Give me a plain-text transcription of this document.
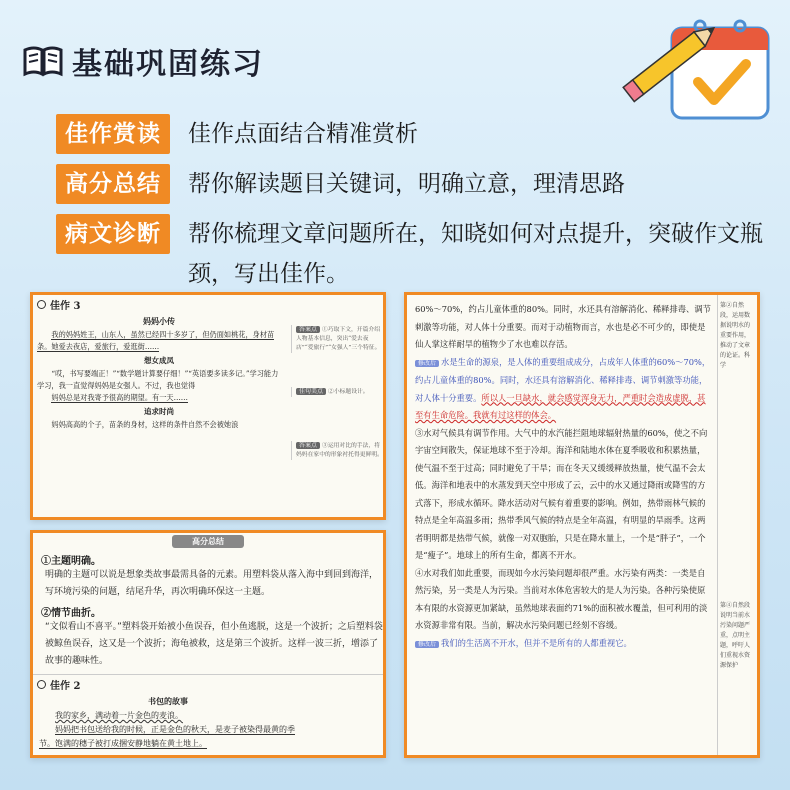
基础巩固练习
佳作赏读	佳作点面结合精准赏析
高分总结	帮你解读题目关键词，明确立意，理清思路
病文诊断	帮你梳理文章问题所在，知晓如何对点提升，突破作文瓶颈，写出佳作。
佳作 3
妈妈小传
我的妈妈姓王，山东人，虽然已经四十多岁了，但仍面如桃花，身材苗条。她爱去夜店，爱旅行，爱逛街……
想女成凤
“哎，书写要端正！”“数学题计算要仔细！”“英语要多读多记。”学习能力学习，我一直觉得妈妈是女强人。不过，我也觉得
妈妈总是对我寄予很高的期望。有一天……
追求时尚
妈妈高高的个子，苗条的身材，这样的条件自然不会被她浪
答案点 ①巧取下文，开篇介绍人物基本信息，突出“爱去夜店”“爱旅行”“女强人”三个特征。
佳句美点 ②小标题设计。
答案点 ③运用对比的手法，将妈妈在家中的形象衬托得更鲜明。
高分总结
①主题明确。
明确的主题可以说是想象类故事最需具备的元素。用塑料袋从落入海中到回到海洋，写环境污染的问题，结尾升华，再次明确环保这一主题。
②情节曲折。
“文似看山不喜平。”塑料袋开始被小鱼误吞，但小鱼逃脱，这是一个波折；之后塑料袋被鲸鱼误吞，这又是一个波折；海龟被救，这是第三个波折。这样一波三折，增添了故事的趣味性。
佳作 2
书包的故事
我的家乡，满动着一片金色的麦浪。
妈妈把书包送给我的时候，正是金色的秋天，是麦子被染得最黄的季节。饱满的穗子被打成捆安静地躺在黄土地上。
60%～70%，约占儿童体重的80%。同时，水还具有溶解消化、稀释排毒、调节刺激等功能，对人体十分重要。而对于动植物而言，水也是必不可少的，即使是仙人掌这样耐旱的植物少了水也难以存活。
修改后 水是生命的源泉，是人体的重要组成成分，占成年人体重的60%～70%，约占儿童体重的80%。同时，水还具有溶解消化、稀释排毒、调节刺激等功能，对人体十分重要。所以人一旦缺水，就会感觉浑身无力，严重时会造成虚脱，甚至有生命危险。我就有过这样的体会。
③水对气候具有调节作用。大气中的水汽能拦阻地球辐射热量的60%，使之不向宇宙空间散失，保证地球不至于冷却。海洋和陆地水体在夏季吸收和积累热量，使气温不至于过高；同时避免了干旱；而在冬天又缓缓释放热量，使气温不会太低。海洋和地表中的水蒸发到天空中形成了云，云中的水又通过降雨或降雪的方式落下，形成水循环。降水活动对气候有着重要的影响。例如，热带雨林气候的特点是全年高温多雨；热带季风气候的特点是全年高温，有明显的旱雨季。这两者明明都是热带气候，就像一对双胞胎，只是在降水量上，一个是“胖子”，一个是“瘦子”。地球上的所有生命，都离不开水。
④水对我们如此重要，而现如今水污染问题却很严重。水污染有两类：一类是自然污染，另一类是人为污染。当前对水体危害较大的是人为污染。各种污染使原本有限的水资源更加紧缺，虽然地球表面约71%的面积被水覆盖，但可利用的淡水资源非常有限。当前，解决水污染问题已经刻不容缓。
修改后 我们的生活离不开水，但并不是所有的人都重视它。
第②自然段，运用数据说明水的重要作用，推动了文章的论证。科学
第④自然段说明当前水污染问题严重，点明主题，呼吁人们重视水资源保护
